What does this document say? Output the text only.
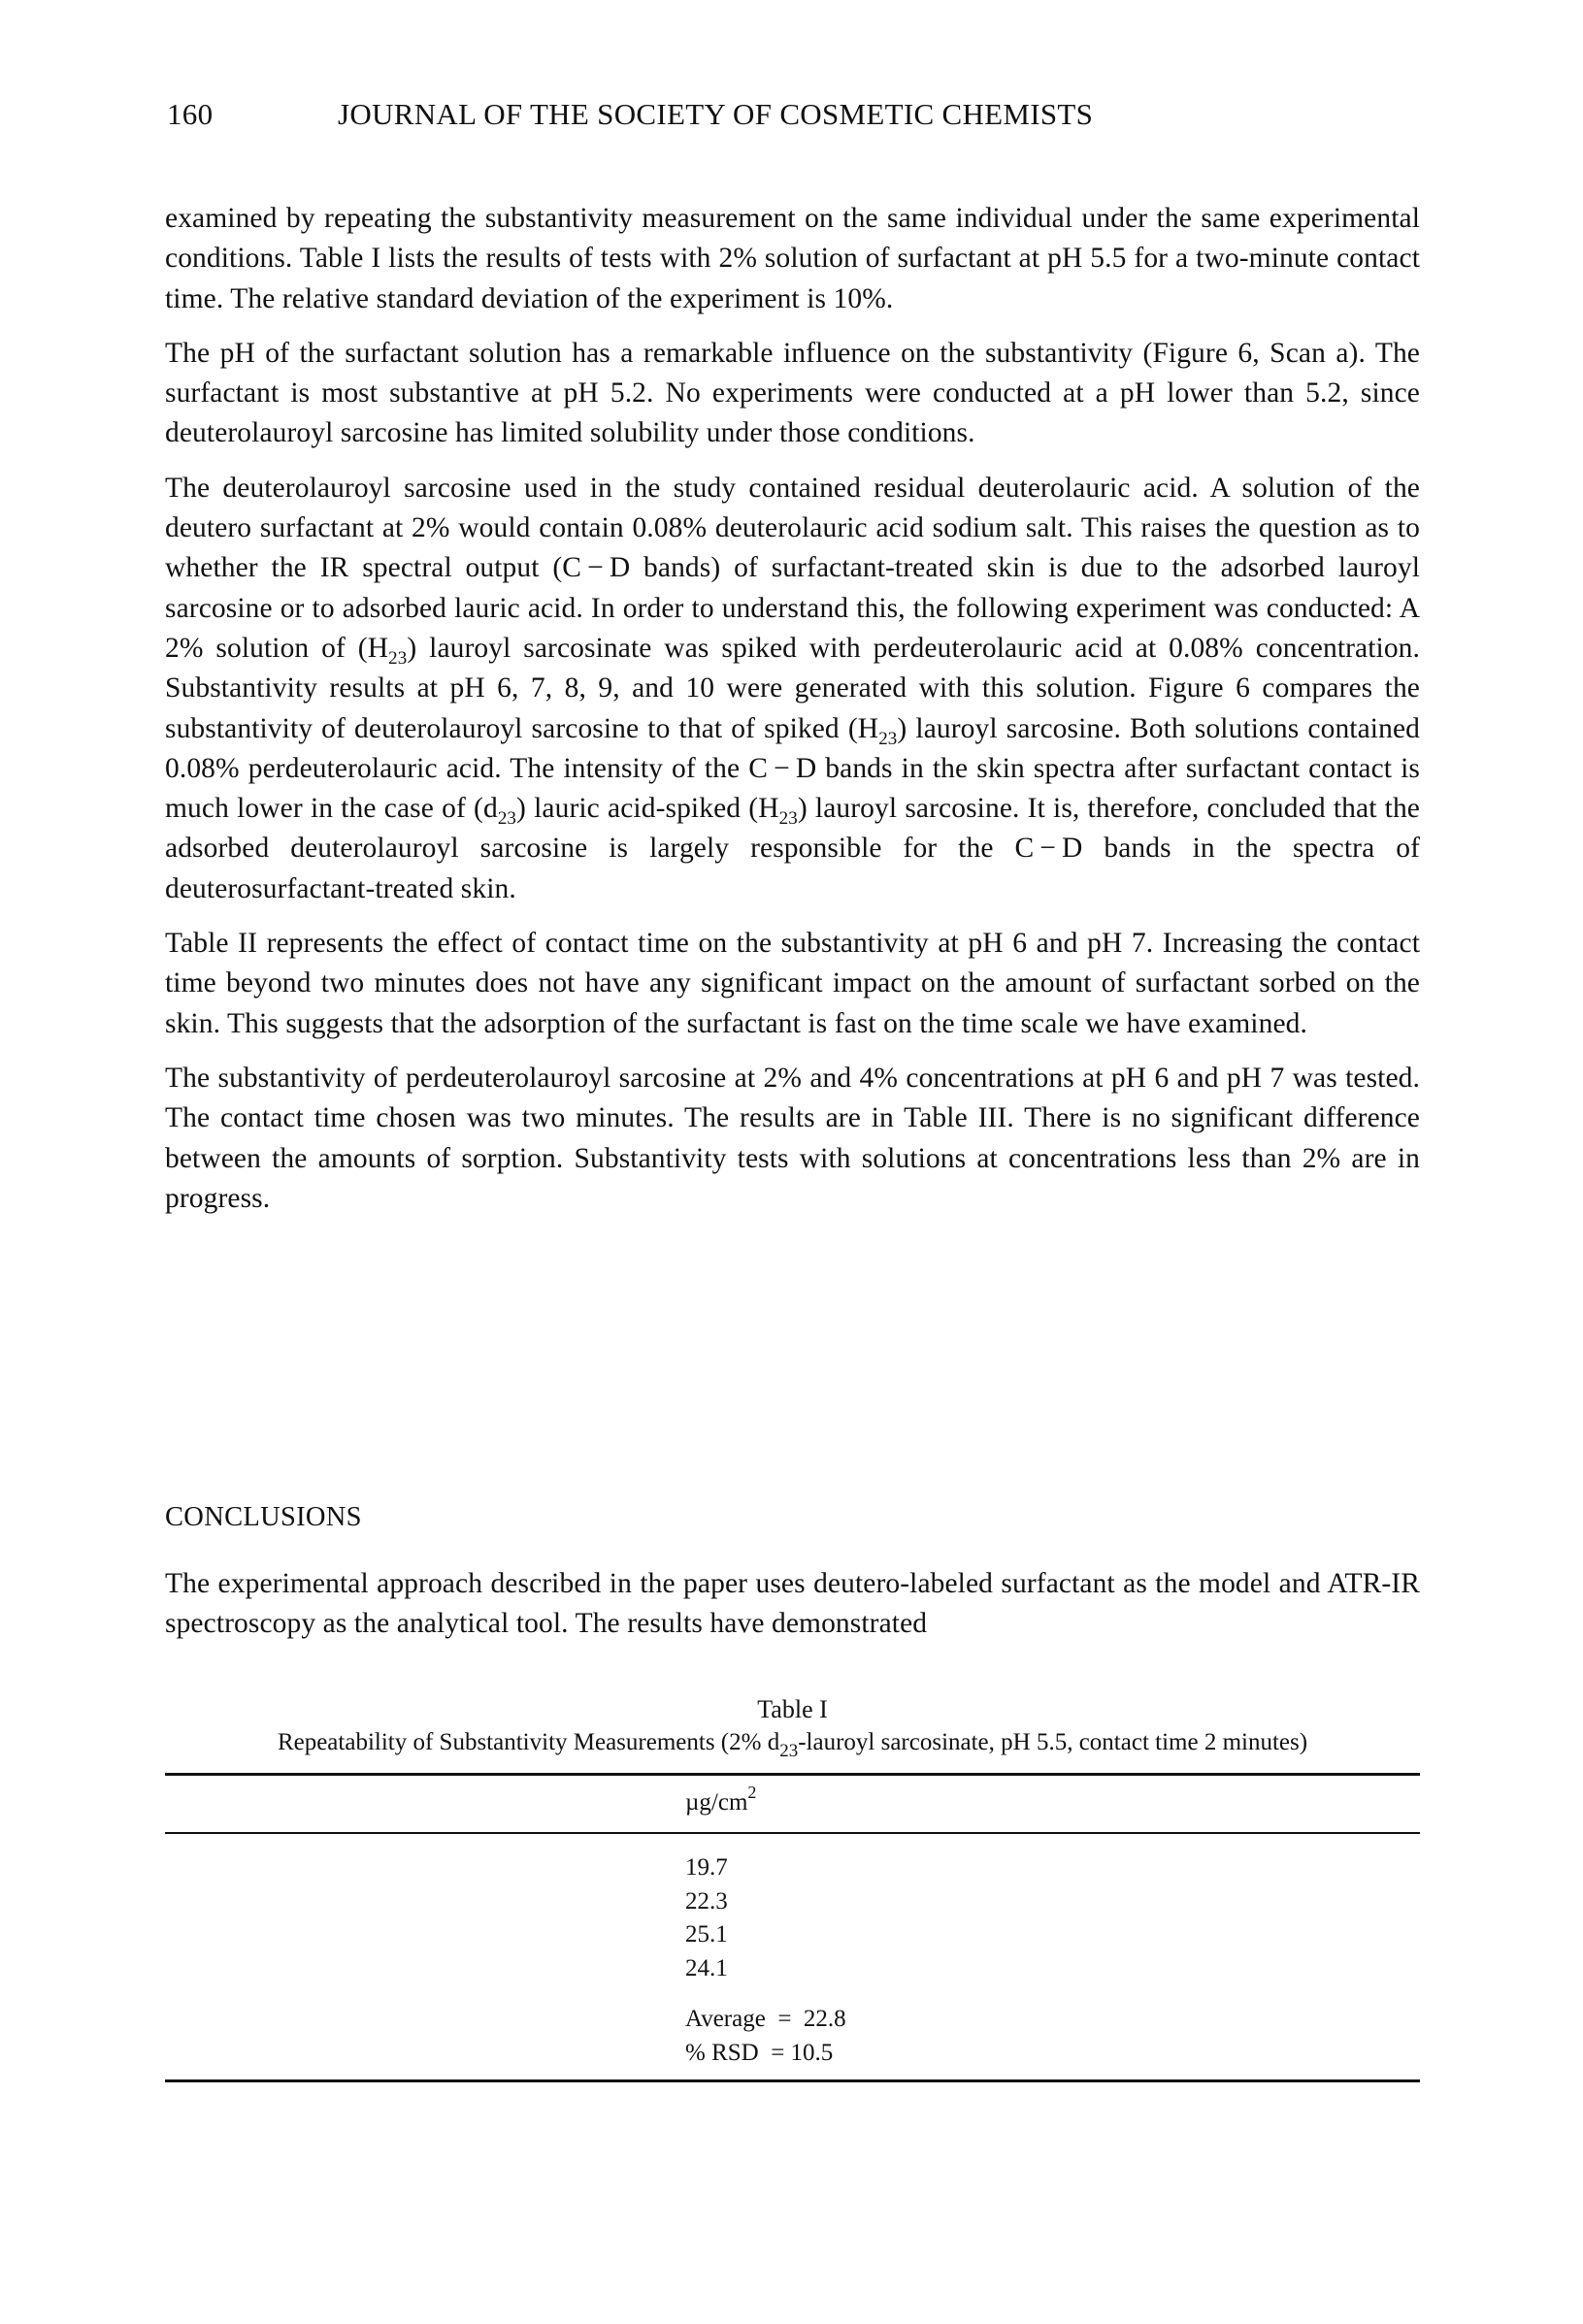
160	JOURNAL OF THE SOCIETY OF COSMETIC CHEMISTS

examined by repeating the substantivity measurement on the same individual under the same experimental conditions. Table I lists the results of tests with 2% solution of surfactant at pH 5.5 for a two-minute contact time. The relative standard deviation of the experiment is 10%.

The pH of the surfactant solution has a remarkable influence on the substantivity (Figure 6, Scan a). The surfactant is most substantive at pH 5.2. No experiments were conducted at a pH lower than 5.2, since deuterolauroyl sarcosine has limited solubility under those conditions.

The deuterolauroyl sarcosine used in the study contained residual deuterolauric acid. A solution of the deutero surfactant at 2% would contain 0.08% deuterolauric acid sodium salt. This raises the question as to whether the IR spectral output (C − D bands) of surfactant-treated skin is due to the adsorbed lauroyl sarcosine or to adsorbed lauric acid. In order to understand this, the following experiment was conducted: A 2% solution of $(H_{23})$ lauroyl sarcosinate was spiked with perdeuterolauric acid at 0.08% concentration. Substantivity results at pH 6, 7, 8, 9, and 10 were generated with this solution. Figure 6 compares the substantivity of deuterolauroyl sarcosine to that of spiked $(H_{23})$ lauroyl sarcosine. Both solutions contained 0.08% perdeuterolauric acid. The intensity of the C − D bands in the skin spectra after surfactant contact is much lower in the case of $(d_{23})$ lauric acid-spiked $(H_{23})$ lauroyl sarcosine. It is, therefore, concluded that the adsorbed deuterolauroyl sarcosine is largely responsible for the C − D bands in the spectra of deuterosurfactant-treated skin.

Table II represents the effect of contact time on the substantivity at pH 6 and pH 7. Increasing the contact time beyond two minutes does not have any significant impact on the amount of surfactant sorbed on the skin. This suggests that the adsorption of the surfactant is fast on the time scale we have examined.

The substantivity of perdeuterolauroyl sarcosine at 2% and 4% concentrations at pH 6 and pH 7 was tested. The contact time chosen was two minutes. The results are in Table III. There is no significant difference between the amounts of sorption. Substantivity tests with solutions at concentrations less than 2% are in progress.

CONCLUSIONS

The experimental approach described in the paper uses deutero-labeled surfactant as the model and ATR-IR spectroscopy as the analytical tool. The results have demonstrated

Table I
Repeatability of Substantivity Measurements (2% $d_{23}$-lauroyl sarcosinate, pH 5.5, contact time 2 minutes)
$\mu g/cm^2$
19.7
22.3
25.1
24.1
Average  =  22.8
% RSD  = 10.5
